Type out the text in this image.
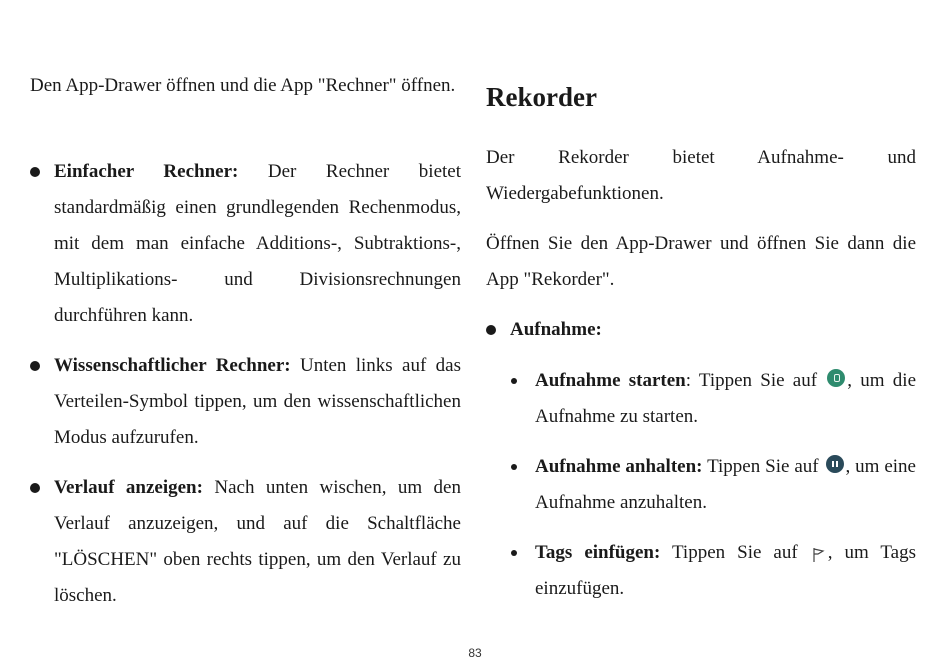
Den App-Drawer öffnen und die App "Rechner" öffnen.

Einfacher Rechner: Der Rechner bietet standardmäßig einen grundlegenden Rechenmodus, mit dem man einfache Additions-, Subtraktions-, Multiplikations- und Divisionsrechnungen durchführen kann.

Wissenschaftlicher Rechner: Unten links auf das Verteilen-Symbol tippen, um den wissenschaftlichen Modus aufzurufen.

Verlauf anzeigen: Nach unten wischen, um den Verlauf anzuzeigen, und auf die Schaltfläche "LÖSCHEN" oben rechts tippen, um den Verlauf zu löschen.

Rekorder

Der Rekorder bietet Aufnahme- und Wiedergabefunktionen.

Öffnen Sie den App-Drawer und öffnen Sie dann die App "Rekorder".

Aufnahme:

Aufnahme starten: Tippen Sie auf , um die Aufnahme zu starten.

Aufnahme anhalten: Tippen Sie auf , um eine Aufnahme anzuhalten.

Tags einfügen: Tippen Sie auf , um Tags einzufügen.

83
